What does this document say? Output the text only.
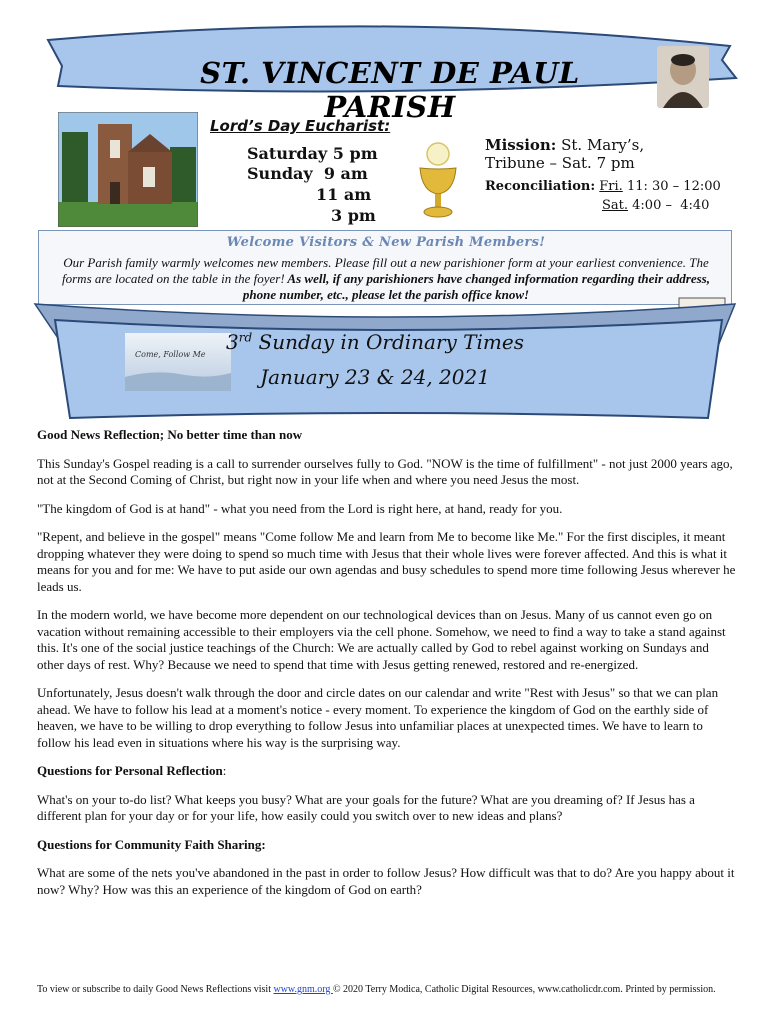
ST. VINCENT DE PAUL PARISH
Lord’s Day Eucharist:
Saturday 5 pm
Sunday  9 am
11 am
3 pm
Mission: St. Mary’s,
Tribune – Sat. 7 pm
Reconciliation: Fri. 11: 30 – 12:00
Sat. 4:00 –  4:40
Welcome Visitors & New Parish Members!
Our Parish family warmly welcomes new members. Please fill out a new parishioner form at your earliest convenience. The forms are located on the table in the foyer! As well, if any parishioners have changed information regarding their address, phone number, etc., please let the parish office know!
Come, Follow Me
3rd Sunday in Ordinary Times
January 23 & 24, 2021

Good News Reflection; No better time than now

This Sunday's Gospel reading is a call to surrender ourselves fully to God. "NOW is the time of fulfillment" - not just 2000 years ago, not at the Second Coming of Christ, but right now in your life when and where you need Jesus the most.

"The kingdom of God is at hand" - what you need from the Lord is right here, at hand, ready for you.

"Repent, and believe in the gospel" means "Come follow Me and learn from Me to become like Me." For the first disciples, it meant dropping whatever they were doing to spend so much time with Jesus that their whole lives were forever affected. And this is what it means for you and for me: We have to put aside our own agendas and busy schedules to spend more time following Jesus wherever he leads us.

In the modern world, we have become more dependent on our technological devices than on Jesus. Many of us cannot even go on vacation without remaining accessible to their employers via the cell phone. Somehow, we need to find a way to take a stand against this. It's one of the social justice teachings of the Church: We are actually called by God to rebel against working on Sundays and other days of rest. Why? Because we need to spend that time with Jesus getting renewed, restored and re-energized.

Unfortunately, Jesus doesn't walk through the door and circle dates on our calendar and write "Rest with Jesus" so that we can plan ahead. We have to follow his lead at a moment's notice - every moment. To experience the kingdom of God on the earthly side of heaven, we have to be willing to drop everything to follow Jesus into unfamiliar places at unexpected times. We have to learn to follow his lead even in situations where his way is the surprising way.

Questions for Personal Reflection:

What's on your to-do list? What keeps you busy? What are your goals for the future? What are you dreaming of? If Jesus has a different plan for your day or for your life, how easily could you switch over to new ideas and plans?

Questions for Community Faith Sharing:

What are some of the nets you've abandoned in the past in order to follow Jesus? How difficult was that to do? Are you happy about it now? Why? How was this an experience of the kingdom of God on earth?

To view or subscribe to daily Good News Reflections visit www.gnm.org © 2020 Terry Modica, Catholic Digital Resources, www.catholicdr.com. Printed by permission.
